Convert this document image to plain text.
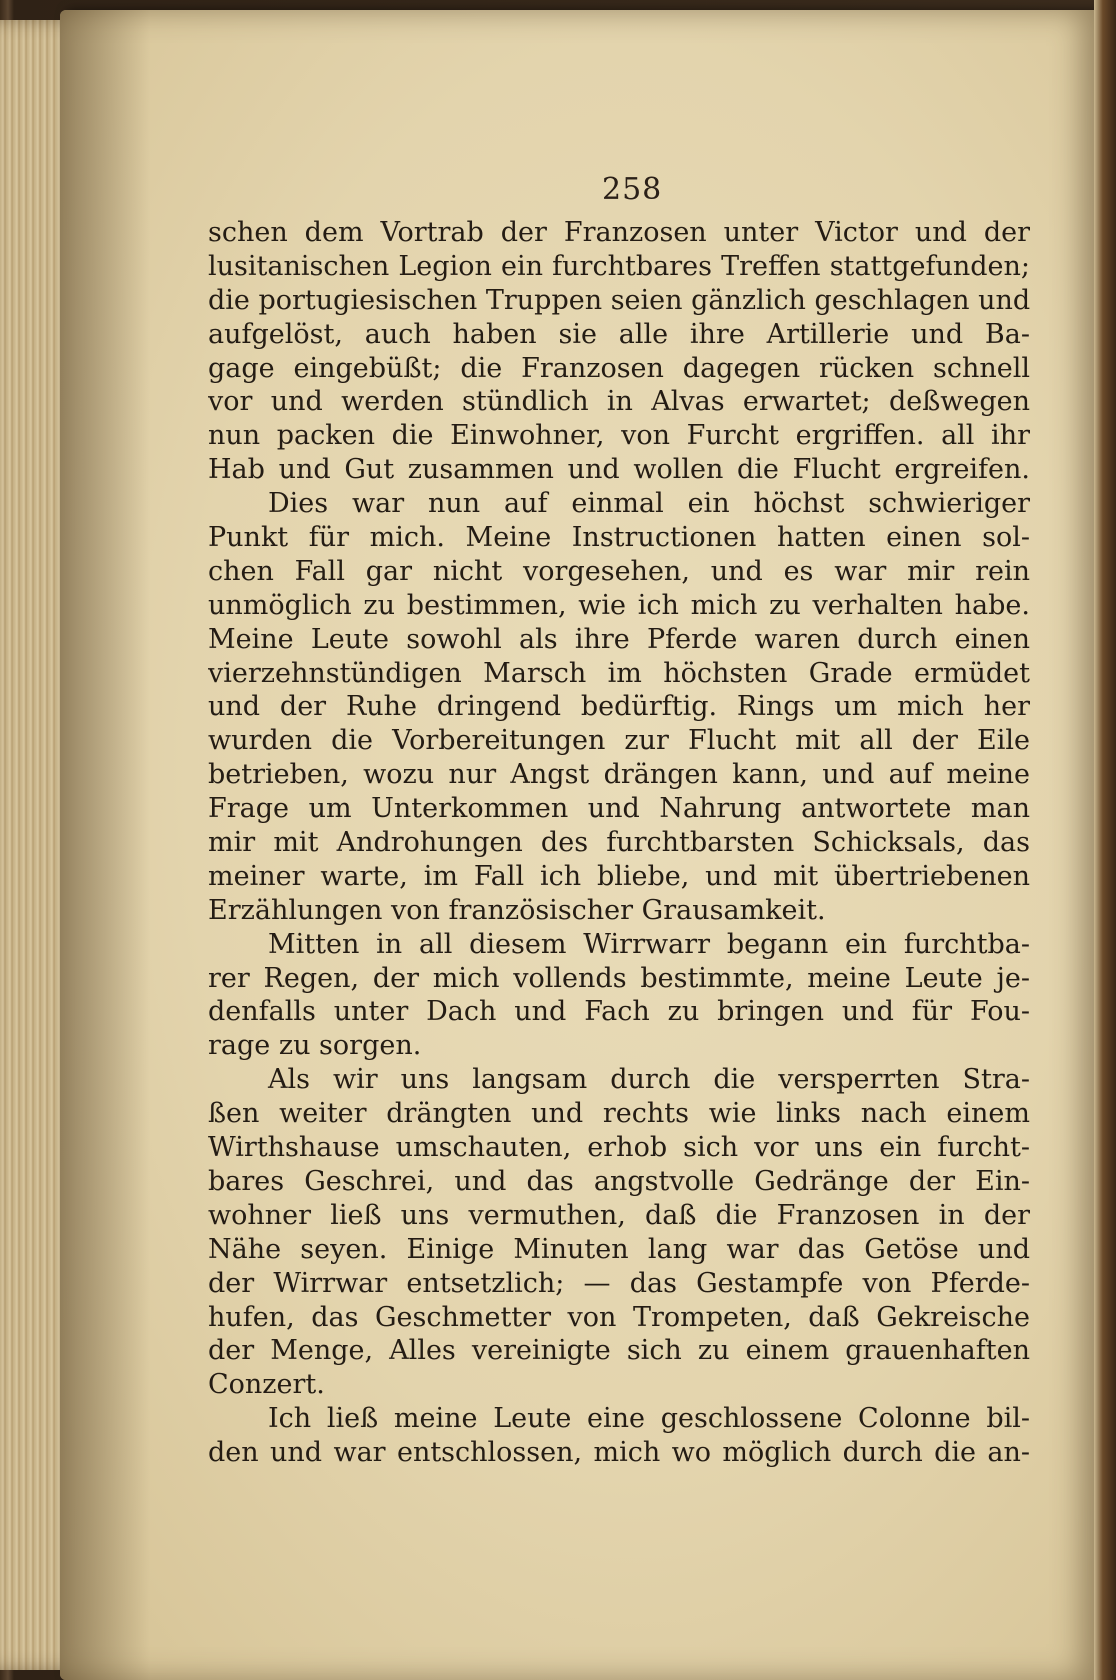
258
schen dem Vortrab der Franzosen unter Victor und der
lusitanischen Legion ein furchtbares Treffen stattgefunden;
die portugiesischen Truppen seien gänzlich geschlagen und
aufgelöst, auch haben sie alle ihre Artillerie und Ba-
gage eingebüßt; die Franzosen dagegen rücken schnell
vor und werden stündlich in Alvas erwartet; deßwegen
nun packen die Einwohner, von Furcht ergriffen. all ihr
Hab und Gut zusammen und wollen die Flucht ergreifen.
Dies war nun auf einmal ein höchst schwieriger
Punkt für mich. Meine Instructionen hatten einen sol-
chen Fall gar nicht vorgesehen, und es war mir rein
unmöglich zu bestimmen, wie ich mich zu verhalten habe.
Meine Leute sowohl als ihre Pferde waren durch einen
vierzehnstündigen Marsch im höchsten Grade ermüdet
und der Ruhe dringend bedürftig. Rings um mich her
wurden die Vorbereitungen zur Flucht mit all der Eile
betrieben, wozu nur Angst drängen kann, und auf meine
Frage um Unterkommen und Nahrung antwortete man
mir mit Androhungen des furchtbarsten Schicksals, das
meiner warte, im Fall ich bliebe, und mit übertriebenen
Erzählungen von französischer Grausamkeit.
Mitten in all diesem Wirrwarr begann ein furchtba-
rer Regen, der mich vollends bestimmte, meine Leute je-
denfalls unter Dach und Fach zu bringen und für Fou-
rage zu sorgen.
Als wir uns langsam durch die versperrten Stra-
ßen weiter drängten und rechts wie links nach einem
Wirthshause umschauten, erhob sich vor uns ein furcht-
bares Geschrei, und das angstvolle Gedränge der Ein-
wohner ließ uns vermuthen, daß die Franzosen in der
Nähe seyen. Einige Minuten lang war das Getöse und
der Wirrwar entsetzlich; — das Gestampfe von Pferde-
hufen, das Geschmetter von Trompeten, daß Gekreische
der Menge, Alles vereinigte sich zu einem grauenhaften
Conzert.
Ich ließ meine Leute eine geschlossene Colonne bil-
den und war entschlossen, mich wo möglich durch die an-
